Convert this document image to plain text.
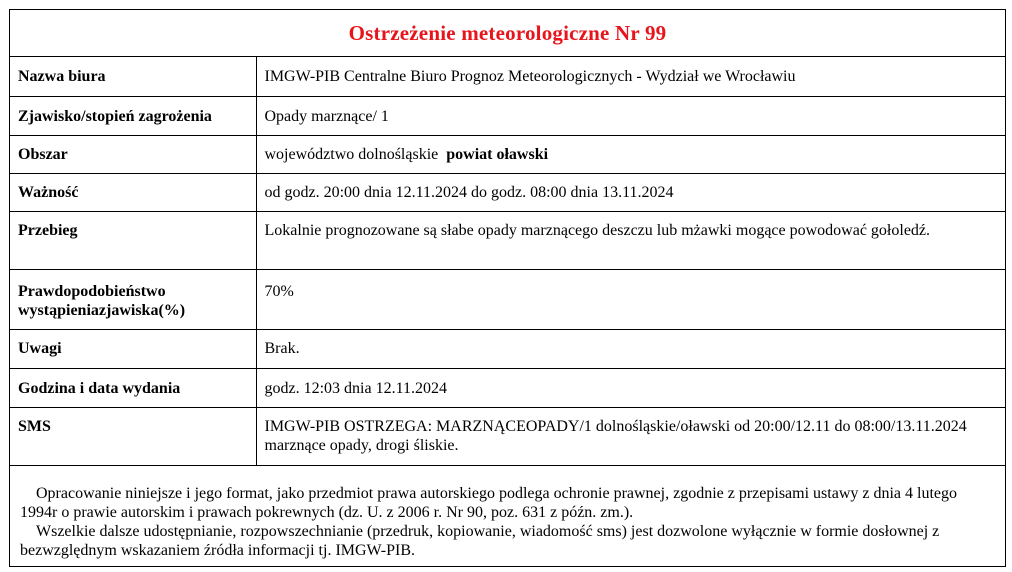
Ostrzeżenie meteorologiczne Nr 99
Nazwa biura	IMGW-PIB Centralne Biuro Prognoz Meteorologicznych - Wydział we Wrocławiu
Zjawisko/stopień zagrożenia	Opady marznące/ 1
Obszar	województwo dolnośląskie powiat oławski
Ważność	od godz. 20:00 dnia 12.11.2024 do godz. 08:00 dnia 13.11.2024
Przebieg	Lokalnie prognozowane są słabe opady marznącego deszczu lub mżawki mogące powodować gołoledź.
Prawdopodobieństwo wystąpieniazjawiska(%)	70%
Uwagi	Brak.
Godzina i data wydania	godz. 12:03 dnia 12.11.2024
SMS	IMGW-PIB OSTRZEGA: MARZNĄCEOPADY/1 dolnośląskie/oławski od 20:00/12.11 do 08:00/13.11.2024 marznące opady, drogi śliskie.

Opracowanie niniejsze i jego format, jako przedmiot prawa autorskiego podlega ochronie prawnej, zgodnie z przepisami ustawy z dnia 4 lutego 1994r o prawie autorskim i prawach pokrewnych (dz. U. z 2006 r. Nr 90, poz. 631 z późn. zm.).

Wszelkie dalsze udostępnianie, rozpowszechnianie (przedruk, kopiowanie, wiadomość sms) jest dozwolone wyłącznie w formie dosłownej z bezwzględnym wskazaniem źródła informacji tj. IMGW-PIB.
